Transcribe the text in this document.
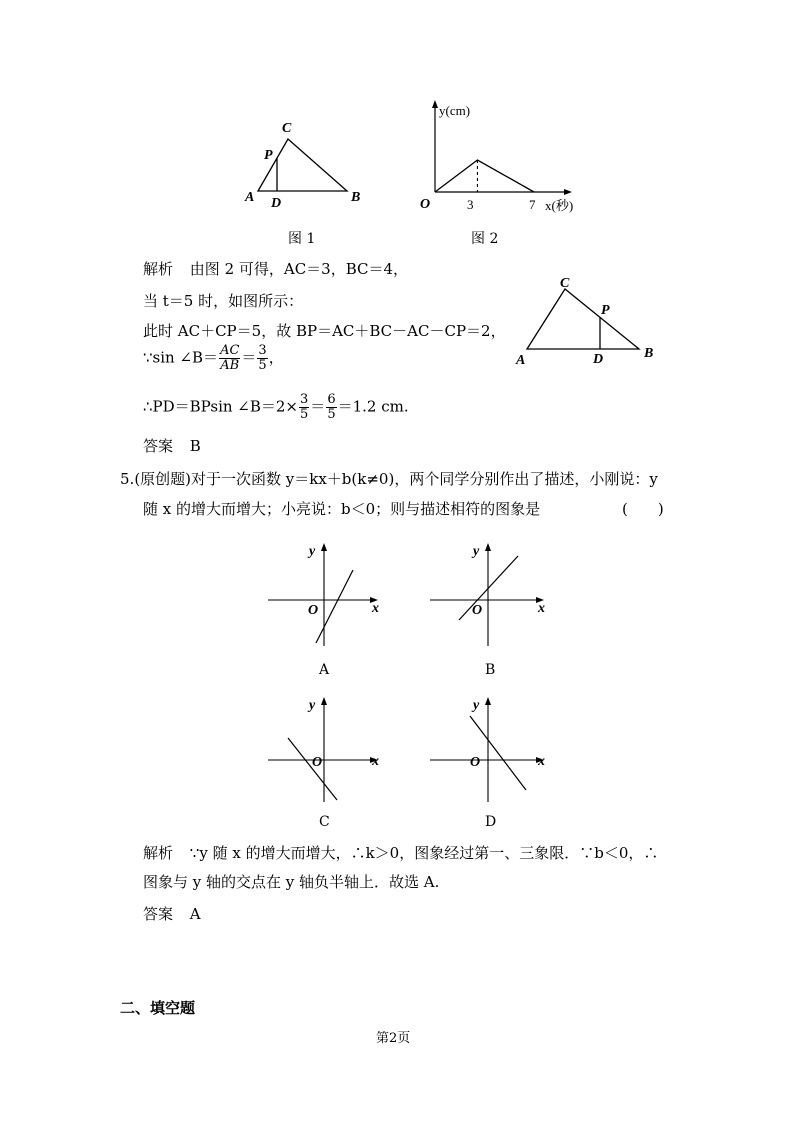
C
P
A D	B
图 1
y(cm)
O	3	7 x(秒)
图 2
解析 由图 2 可得，AC＝3，BC＝4，
当 t＝5 时，如图所示：
此时 AC＋CP＝5，故 BP＝AC＋BC－AC－CP＝2，
∵sin ∠B＝ $\frac{AC}{AB} = \frac{3}{5}$ ，
∴PD＝BPsin ∠B＝2× $\frac{3}{5} = \frac{6}{5} =1.2$ cm.
答案 B
C
P
A	D	B
5.(原创题)对于一次函数 y＝kx＋b(k≠0)，两个同学分别作出了描述，小刚说：y
随 x 的增大而增大；小亮说：b＜0；则与描述相符的图象是	(　　)
y
x
O
A
y
x
O
B
y
x
O
C
y
x
O
D
解析 ∵y 随 x 的增大而增大，∴k＞0，图象经过第一、三象限．∵b＜0，∴
图象与 y 轴的交点在 y 轴负半轴上．故选 A.
答案 A
二、填空题
第2页
